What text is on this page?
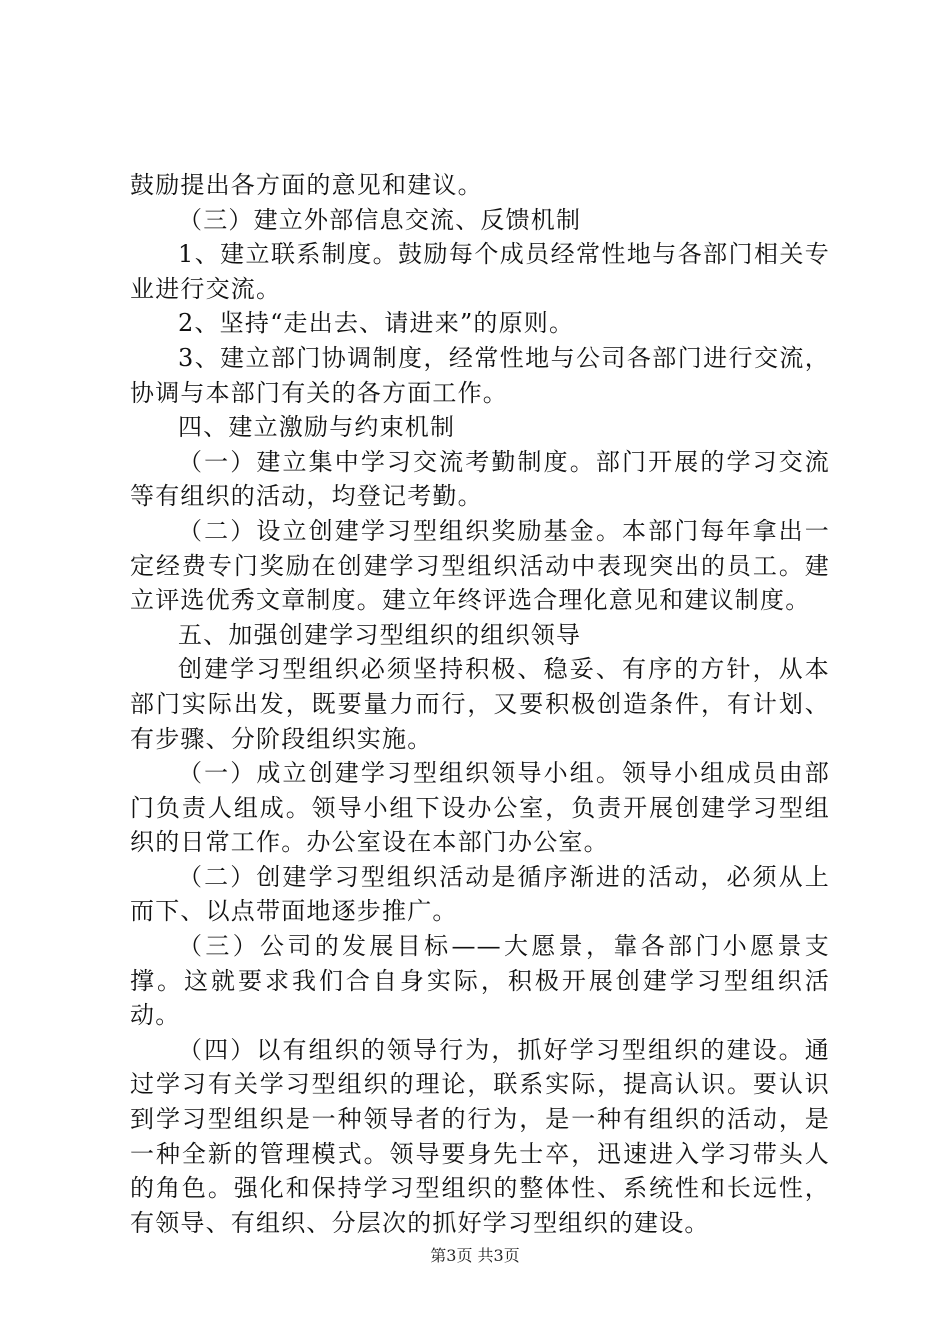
鼓励提出各方面的意见和建议。

（三）建立外部信息交流、反馈机制

1、建立联系制度。鼓励每个成员经常性地与各部门相关专业进行交流。

2、坚持“走出去、请进来”的原则。

3、建立部门协调制度，经常性地与公司各部门进行交流，协调与本部门有关的各方面工作。

四、建立激励与约束机制

（一）建立集中学习交流考勤制度。部门开展的学习交流等有组织的活动，均登记考勤。

（二）设立创建学习型组织奖励基金。本部门每年拿出一定经费专门奖励在创建学习型组织活动中表现突出的员工。建立评选优秀文章制度。建立年终评选合理化意见和建议制度。

五、加强创建学习型组织的组织领导

创建学习型组织必须坚持积极、稳妥、有序的方针，从本部门实际出发，既要量力而行，又要积极创造条件，有计划、有步骤、分阶段组织实施。

（一）成立创建学习型组织领导小组。领导小组成员由部门负责人组成。领导小组下设办公室，负责开展创建学习型组织的日常工作。办公室设在本部门办公室。

（二）创建学习型组织活动是循序渐进的活动，必须从上而下、以点带面地逐步推广。

（三）公司的发展目标——大愿景，靠各部门小愿景支撑。这就要求我们合自身实际，积极开展创建学习型组织活动。

（四）以有组织的领导行为，抓好学习型组织的建设。通过学习有关学习型组织的理论，联系实际，提高认识。要认识到学习型组织是一种领导者的行为，是一种有组织的活动，是一种全新的管理模式。领导要身先士卒，迅速进入学习带头人的角色。强化和保持学习型组织的整体性、系统性和长远性，有领导、有组织、分层次的抓好学习型组织的建设。

第3页 共3页
